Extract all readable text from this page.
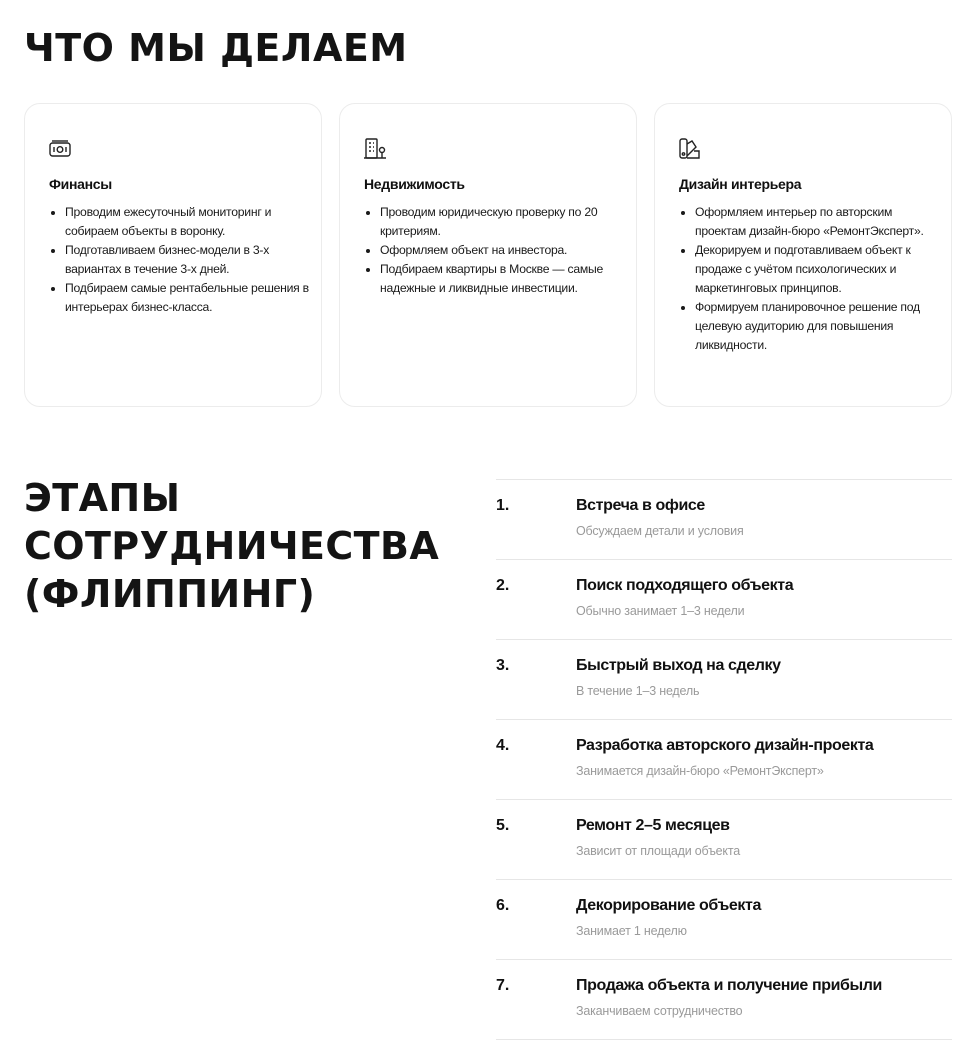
ЧТО МЫ ДЕЛАЕМ
Финансы
• Проводим ежесуточный мониторинг и собираем объекты в воронку.
• Подготавливаем бизнес-модели в 3-х вариантах в течение 3-х дней.
• Подбираем самые рентабельные решения в интерьерах бизнес-класса.
Недвижимость
• Проводим юридическую проверку по 20 критериям.
• Оформляем объект на инвестора.
• Подбираем квартиры в Москве — самые надежные и ликвидные инвестиции.
Дизайн интерьера
• Оформляем интерьер по авторским проектам дизайн-бюро «РемонтЭксперт».
• Декорируем и подготавливаем объект к продаже с учётом психологических и маркетинговых принципов.
• Формируем планировочное решение под целевую аудиторию для повышения ликвидности.
ЭТАПЫ
СОТРУДНИЧЕСТВА
(ФЛИППИНГ)
1.	Встреча в офисе
Обсуждаем детали и условия
2.	Поиск подходящего объекта
Обычно занимает 1–3 недели
3.	Быстрый выход на сделку
В течение 1–3 недель
4.	Разработка авторского дизайн-проекта
Занимается дизайн-бюро «РемонтЭксперт»
5.	Ремонт 2–5 месяцев
Зависит от площади объекта
6.	Декорирование объекта
Занимает 1 неделю
7.	Продажа объекта и получение прибыли
Заканчиваем сотрудничество
